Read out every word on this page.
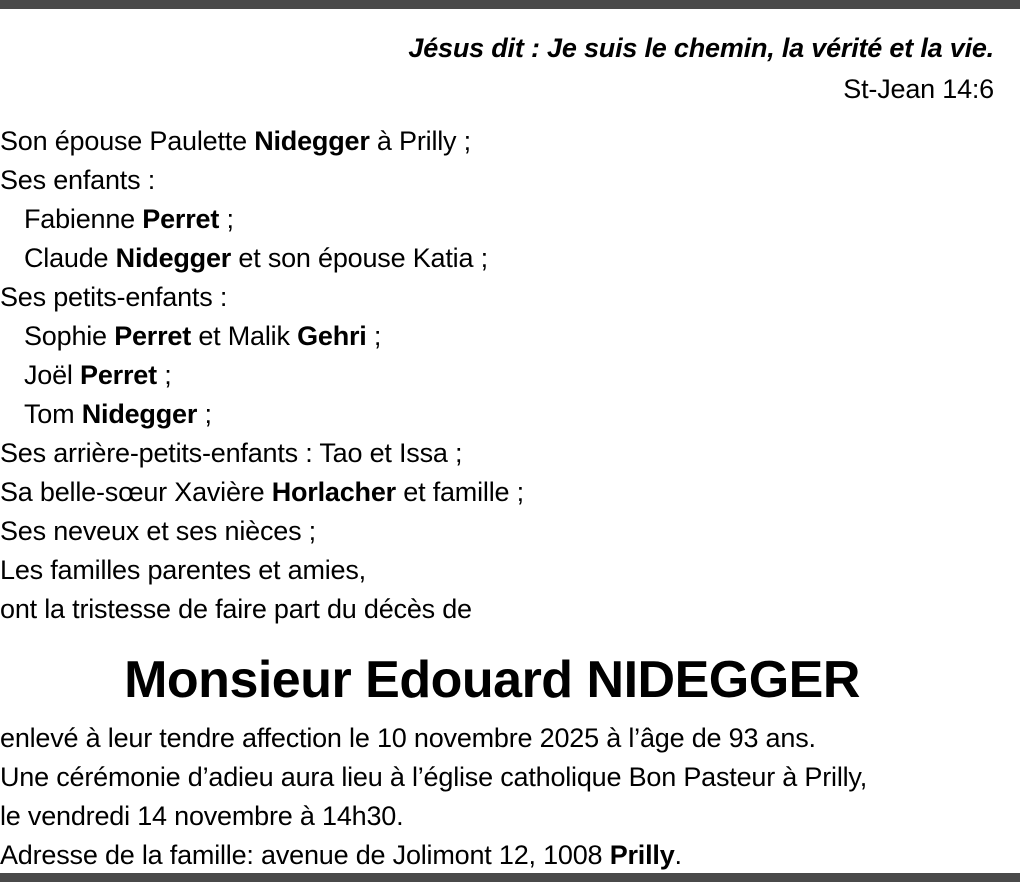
Jésus dit : Je suis le chemin, la vérité et la vie.
St-Jean 14:6
Son épouse Paulette Nidegger à Prilly ;
Ses enfants :
Fabienne Perret ;
Claude Nidegger et son épouse Katia ;
Ses petits-enfants :
Sophie Perret et Malik Gehri ;
Joël Perret ;
Tom Nidegger ;
Ses arrière-petits-enfants : Tao et Issa ;
Sa belle-sœur Xavière Horlacher et famille ;
Ses neveux et ses nièces ;
Les familles parentes et amies,
ont la tristesse de faire part du décès de
Monsieur Edouard NIDEGGER
enlevé à leur tendre affection le 10 novembre 2025 à l’âge de 93 ans.
Une cérémonie d’adieu aura lieu à l’église catholique Bon Pasteur à Prilly,
le vendredi 14 novembre à 14h30.
Adresse de la famille: avenue de Jolimont 12, 1008 Prilly.
